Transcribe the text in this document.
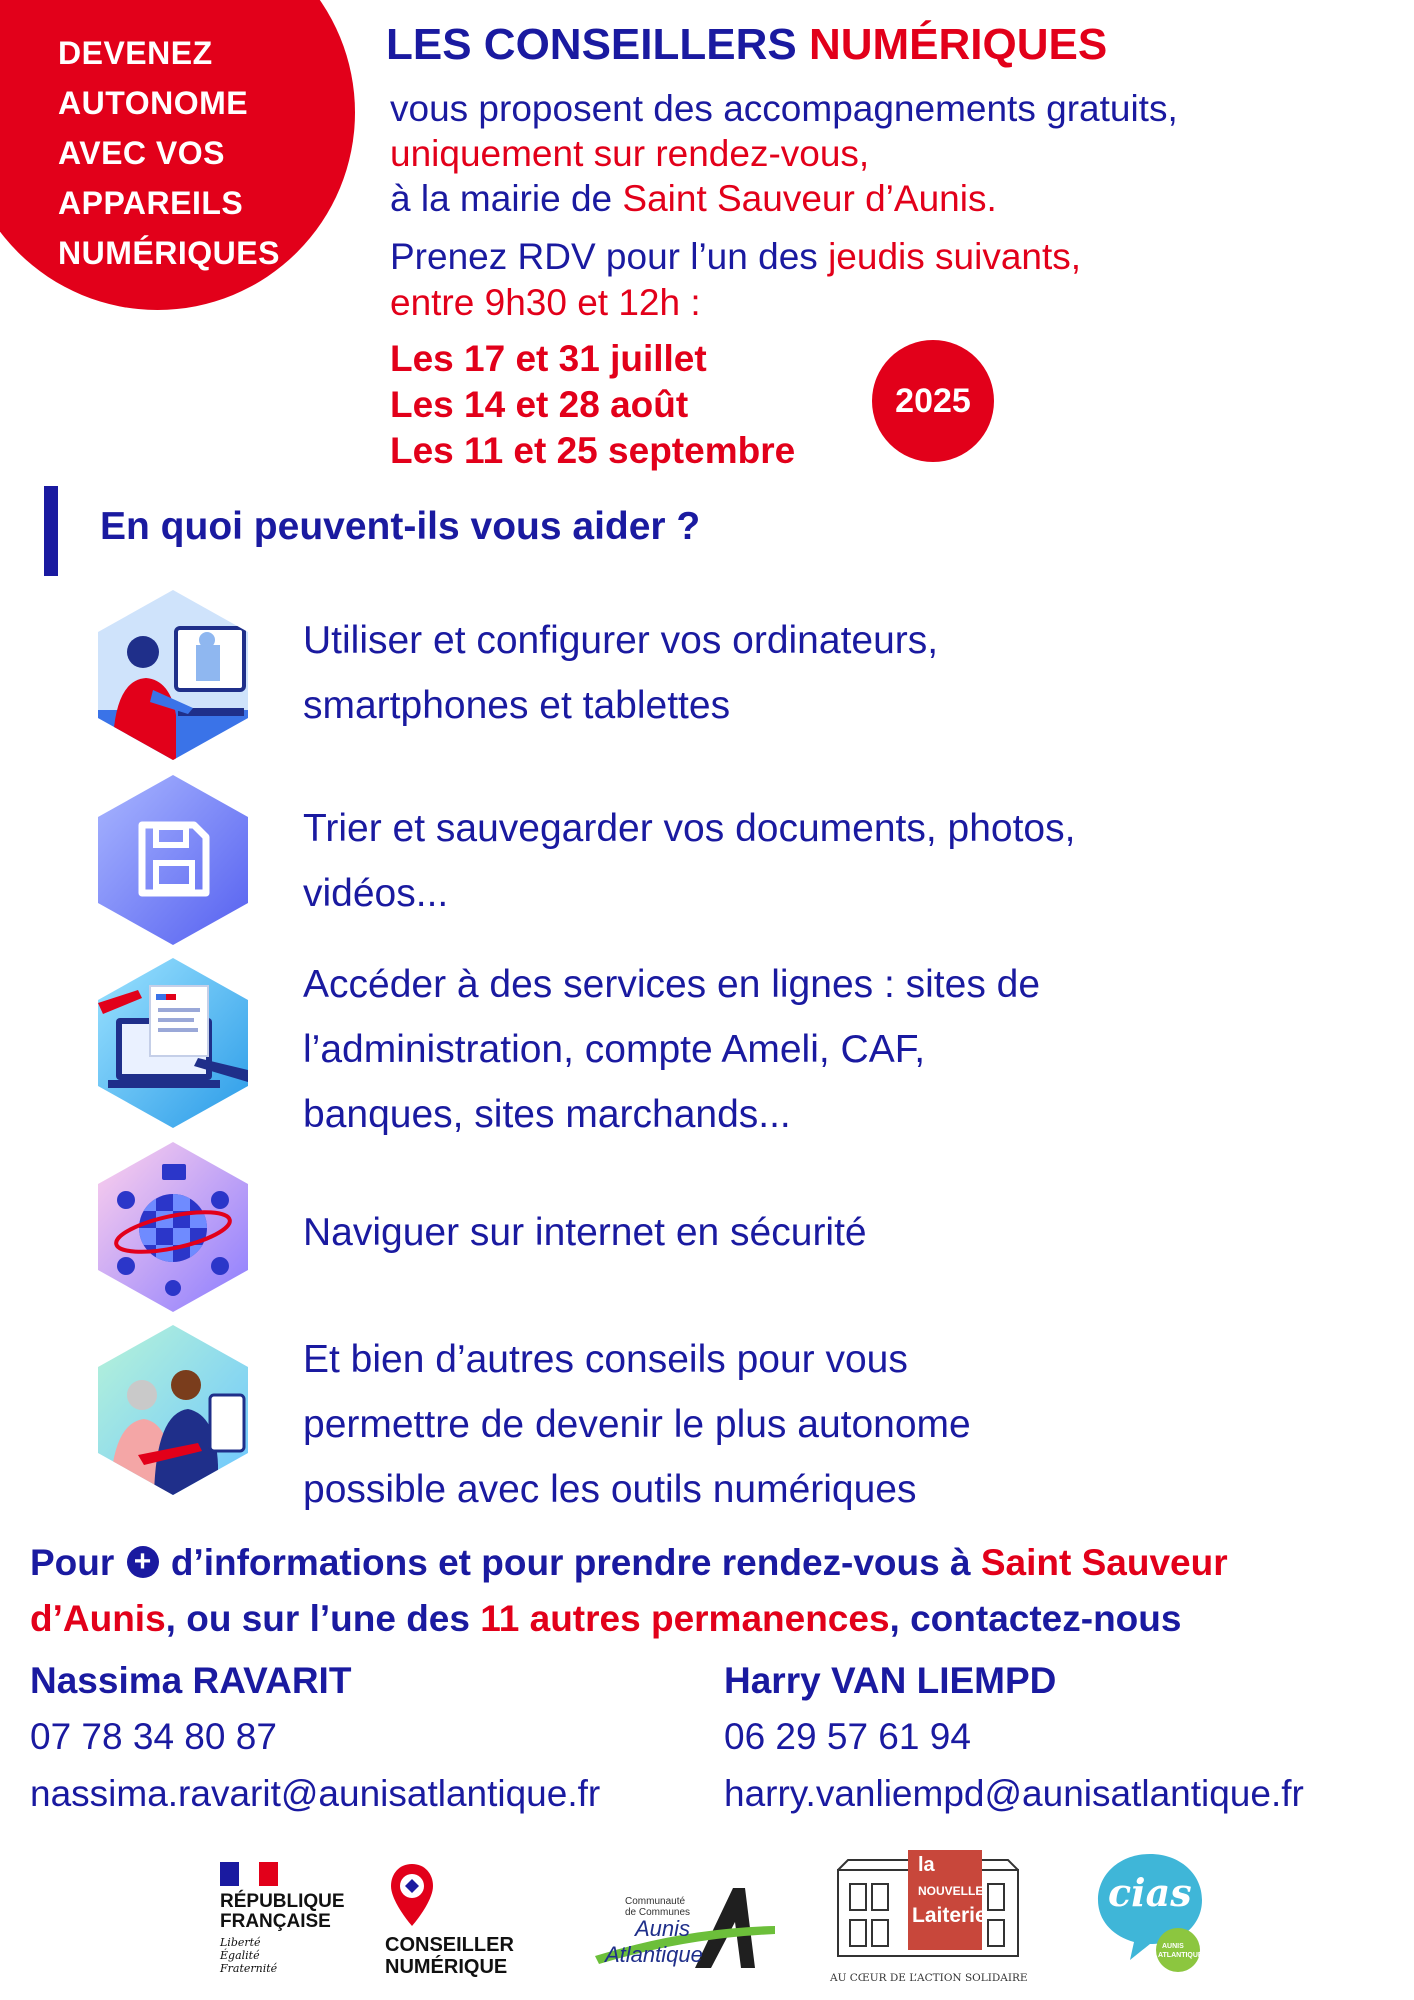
DEVENEZ
AUTONOME
AVEC VOS
APPAREILS
NUMÉRIQUES
LES CONSEILLERS NUMÉRIQUES
vous proposent des accompagnements gratuits,
uniquement sur rendez-vous,
à la mairie de Saint Sauveur d’Aunis.
Prenez RDV pour l’un des jeudis suivants,
entre 9h30 et 12h :
Les 17 et 31 juillet
Les 14 et 28 août
Les 11 et 25 septembre
2025
En quoi peuvent-ils vous aider ?
Utiliser et configurer vos ordinateurs,
smartphones et tablettes
Trier et sauvegarder vos documents, photos,
vidéos...
Accéder à des services en lignes : sites de
l’administration, compte Ameli, CAF,
banques, sites marchands...
Naviguer sur internet en sécurité
Et bien d’autres conseils pour vous
permettre de devenir le plus autonome
possible avec les outils numériques
Pour + d’informations et pour prendre rendez-vous à Saint Sauveur
d’Aunis, ou sur l’une des 11 autres permanences, contactez-nous
Nassima RAVARIT
07 78 34 80 87
nassima.ravarit@aunisatlantique.fr
Harry VAN LIEMPD
06 29 57 61 94
harry.vanliempd@aunisatlantique.fr
RÉPUBLIQUE
FRANÇAISE
Liberté
Égalité
Fraternité
CONSEILLER
NUMÉRIQUE
Communauté
de Communes
Aunis
Atlantique
la
NOUVELLE
Laiterie
AU CŒUR DE L’ACTION SOLIDAIRE
cias
AUNIS
ATLANTIQUE
